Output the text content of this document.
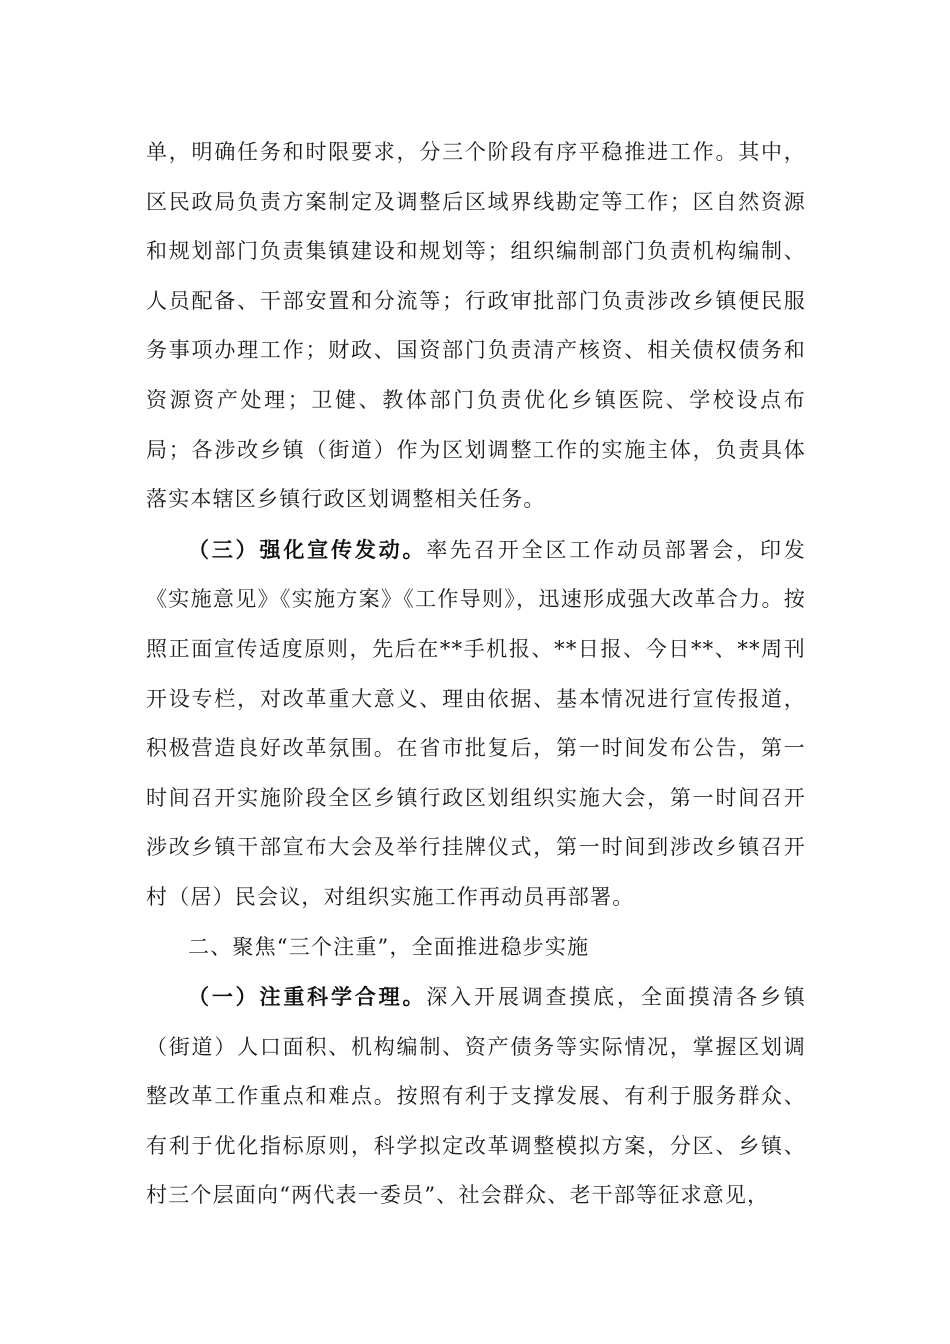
单，明确任务和时限要求，分三个阶段有序平稳推进工作。其中，区民政局负责方案制定及调整后区域界线勘定等工作；区自然资源和规划部门负责集镇建设和规划等；组织编制部门负责机构编制、人员配备、干部安置和分流等；行政审批部门负责涉改乡镇便民服务事项办理工作；财政、国资部门负责清产核资、相关债权债务和资源资产处理；卫健、教体部门负责优化乡镇医院、学校设点布局；各涉改乡镇（街道）作为区划调整工作的实施主体，负责具体落实本辖区乡镇行政区划调整相关任务。

（三）强化宣传发动。率先召开全区工作动员部署会，印发《实施意见》《实施方案》《工作导则》，迅速形成强大改革合力。按照正面宣传适度原则，先后在**手机报、**日报、今日**、**周刊开设专栏，对改革重大意义、理由依据、基本情况进行宣传报道，积极营造良好改革氛围。在省市批复后，第一时间发布公告，第一时间召开实施阶段全区乡镇行政区划组织实施大会，第一时间召开涉改乡镇干部宣布大会及举行挂牌仪式，第一时间到涉改乡镇召开村（居）民会议，对组织实施工作再动员再部署。

二、聚焦“三个注重”，全面推进稳步实施

（一）注重科学合理。深入开展调查摸底，全面摸清各乡镇（街道）人口面积、机构编制、资产债务等实际情况，掌握区划调整改革工作重点和难点。按照有利于支撑发展、有利于服务群众、有利于优化指标原则，科学拟定改革调整模拟方案，分区、乡镇、村三个层面向“两代表一委员”、社会群众、老干部等征求意见，
